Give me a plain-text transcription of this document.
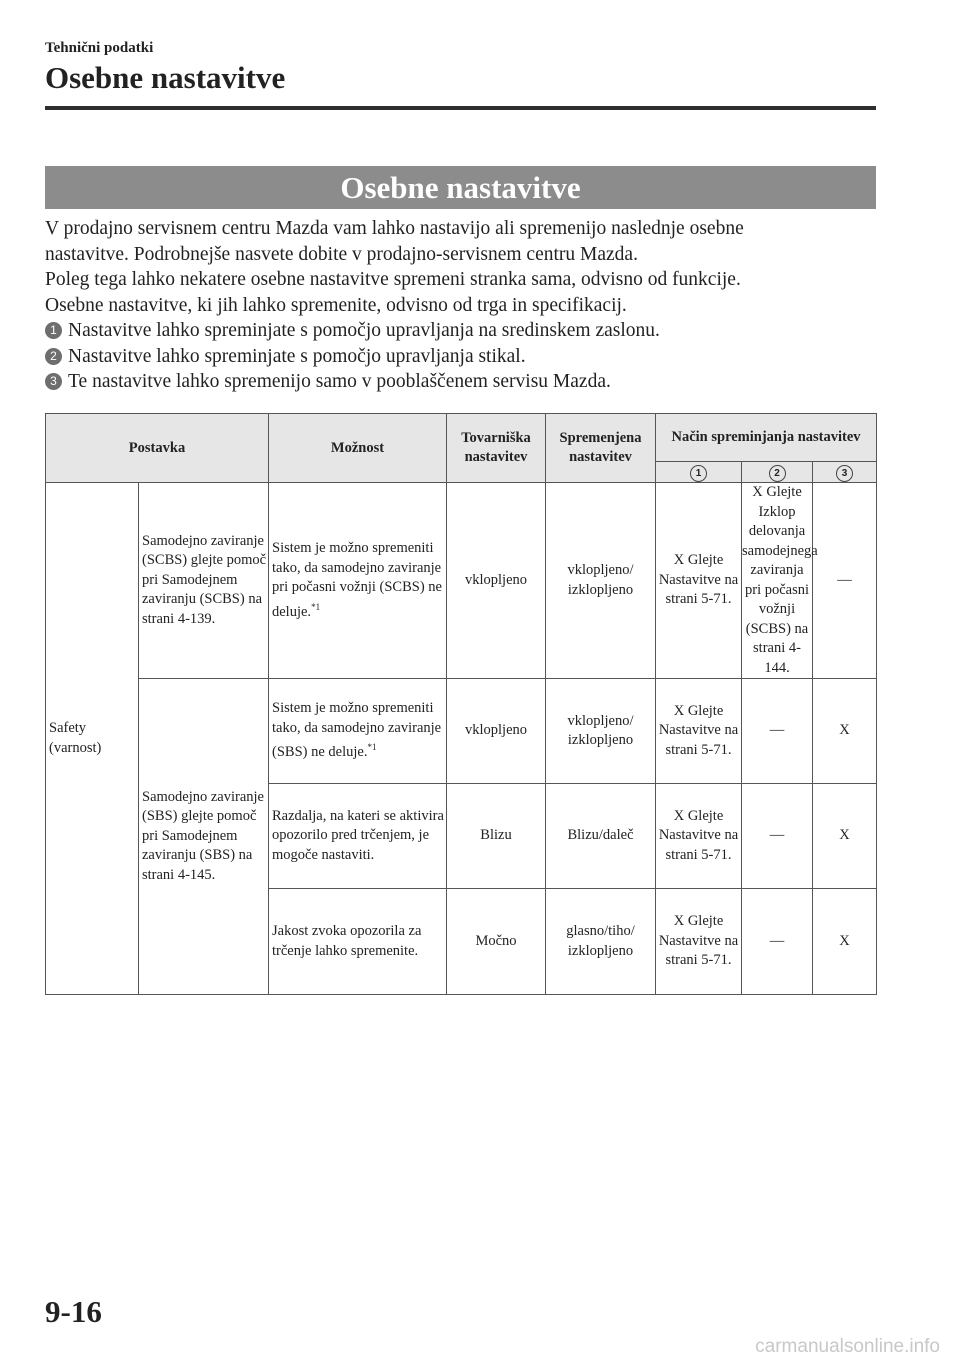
Tehnični podatki
Osebne nastavitve
Osebne nastavitve

V prodajno servisnem centru Mazda vam lahko nastavijo ali spremenijo naslednje osebne

nastavitve. Podrobnejše nasvete dobite v prodajno-servisnem centru Mazda.

Poleg tega lahko nekatere osebne nastavitve spremeni stranka sama, odvisno od funkcije.

Osebne nastavitve, ki jih lahko spremenite, odvisno od trga in specifikacij.

1 Nastavitve lahko spreminjate s pomočjo upravljanja na sredinskem zaslonu.

2 Nastavitve lahko spreminjate s pomočjo upravljanja stikal.

3 Te nastavitve lahko spremenijo samo v pooblaščenem servisu Mazda.

Postavka		Možnost	Tovarniška nastavitev	Spremenjena nastavitev	Način spreminjanja nastavitev		
					1	2	3
Safety (varnost)	Samodejno zaviranje (SCBS) glejte pomoč pri Samodejnem zaviranju (SCBS) na strani 4-139.	Sistem je možno spremeniti tako, da samodejno zaviranje pri počasni vožnji (SCBS) ne deluje.$^{*1}$	vklopljeno	vklopljeno/ izklopljeno	X Glejte Nastavitve na strani 5-71.	X Glejte Izklop delovanja samodejnega zaviranja pri počasni vožnji (SCBS) na strani 4-144.	—
	Samodejno zaviranje (SBS) glejte pomoč pri Samodejnem zaviranju (SBS) na strani 4-145.	Sistem je možno spremeniti tako, da samodejno zaviranje (SBS) ne deluje.$^{*1}$	vklopljeno	vklopljeno/ izklopljeno	X Glejte Nastavitve na strani 5-71.	—	X
		Razdalja, na kateri se aktivira opozorilo pred trčenjem, je mogoče nastaviti.	Blizu	Blizu/daleč	X Glejte Nastavitve na strani 5-71.	—	X
		Jakost zvoka opozorila za trčenje lahko spremenite.	Močno	glasno/tiho/ izklopljeno	X Glejte Nastavitve na strani 5-71.	—	X
9-16
carmanualsonline.info
